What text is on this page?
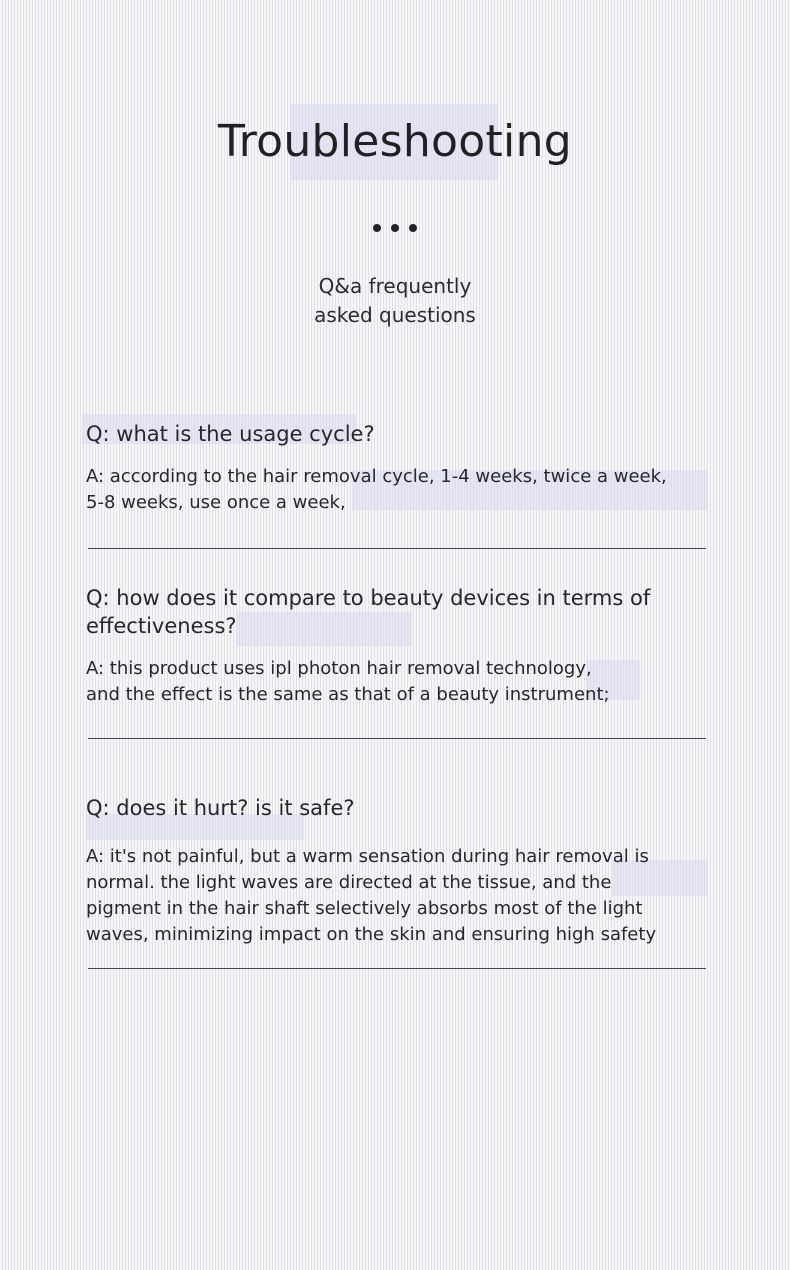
Troubleshooting
Q&a frequently
asked questions
Q: what is the usage cycle?

A: according to the hair removal cycle, 1-4 weeks, twice a week,
5-8 weeks, use once a week,

Q: how does it compare to beauty devices in terms of
effectiveness?

A: this product uses ipl photon hair removal technology,
and the effect is the same as that of a beauty instrument;

Q: does it hurt? is it safe?

A: it's not painful, but a warm sensation during hair removal is
normal. the light waves are directed at the tissue, and the
pigment in the hair shaft selectively absorbs most of the light
waves, minimizing impact on the skin and ensuring high safety
